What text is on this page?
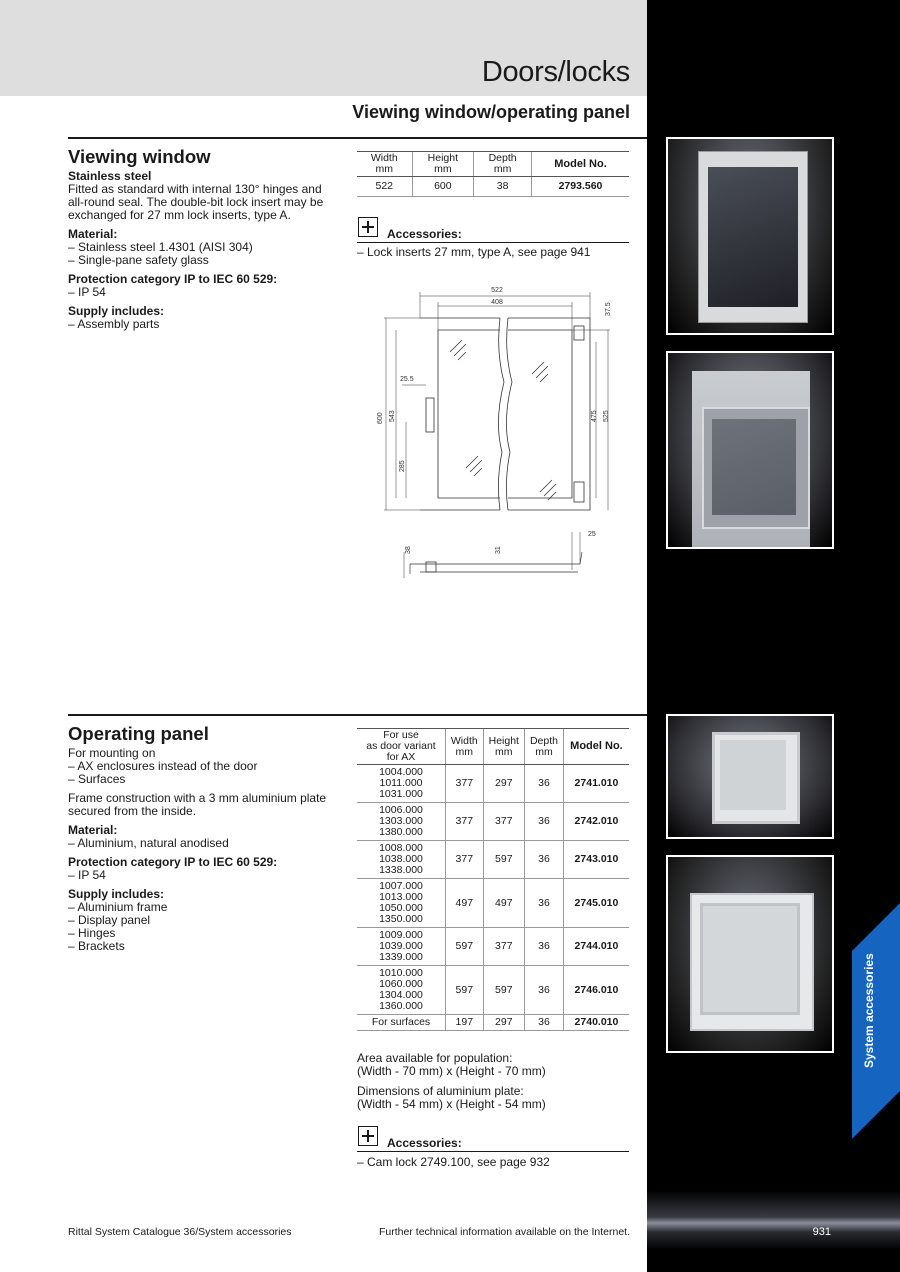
Doors/locks
Viewing window/operating panel
Viewing window

Stainless steel

Fitted as standard with internal 130° hinges and all-round seal. The double-bit lock insert may be exchanged for 27 mm lock inserts, type A.

Material:

– Stainless steel 1.4301 (AISI 304)

– Single-pane safety glass

Protection category IP to IEC 60 529:

– IP 54

Supply includes:

– Assembly parts

Width
mm	Height
mm	Depth
mm	Model No.
522	600	38	2793.560
Accessories:
– Lock inserts 27 mm, type A, see page 941
522
408	37.5
25.5
600 543
285
475 525
25
38	31
Operating panel

For mounting on

– AX enclosures instead of the door

– Surfaces

Frame construction with a 3 mm aluminium plate secured from the inside.

Material:

– Aluminium, natural anodised

Protection category IP to IEC 60 529:

– IP 54

Supply includes:

– Aluminium frame

– Display panel

– Hinges

– Brackets

For use
as door variant
for AX	Width
mm	Height
mm	Depth
mm	Model No.
1004.000
1011.000
1031.000	377	297	36	2741.010
1006.000
1303.000
1380.000	377	377	36	2742.010
1008.000
1038.000
1338.000	377	597	36	2743.010
1007.000
1013.000
1050.000
1350.000	497	497	36	2745.010
1009.000
1039.000
1339.000	597	377	36	2744.010
1010.000
1060.000
1304.000
1360.000	597	597	36	2746.010
For surfaces	197	297	36	2740.010
Area available for population:
(Width - 70 mm) x (Height - 70 mm)
Dimensions of aluminium plate:
(Width - 54 mm) x (Height - 54 mm)
Accessories:
– Cam lock 2749.100, see page 932
System accessories
Rittal System Catalogue 36/System accessories	Further technical information available on the Internet.	931
